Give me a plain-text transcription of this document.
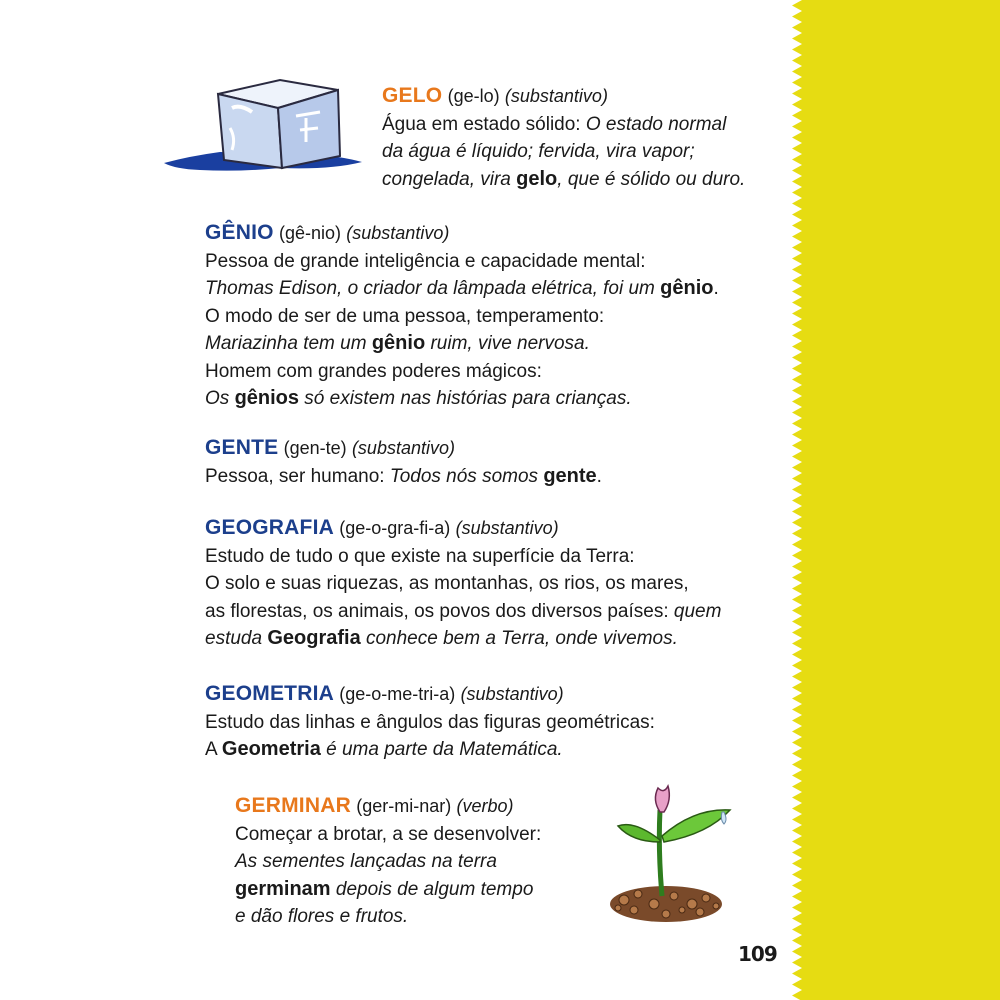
GELO (ge-lo) (substantivo)
Água em estado sólido: O estado normal
da água é líquido; fervida, vira vapor;
congelada, vira gelo, que é sólido ou duro.
GÊNIO (gê-nio) (substantivo)
Pessoa de grande inteligência e capacidade mental:
Thomas Edison, o criador da lâmpada elétrica, foi um gênio.
O modo de ser de uma pessoa, temperamento:
Mariazinha tem um gênio ruim, vive nervosa.
Homem com grandes poderes mágicos:
Os gênios só existem nas histórias para crianças.
GENTE (gen-te) (substantivo)
Pessoa, ser humano: Todos nós somos gente.
GEOGRAFIA (ge-o-gra-fi-a) (substantivo)
Estudo de tudo o que existe na superfície da Terra:
O solo e suas riquezas, as montanhas, os rios, os mares,
as florestas, os animais, os povos dos diversos países: quem
estuda Geografia conhece bem a Terra, onde vivemos.
GEOMETRIA (ge-o-me-tri-a) (substantivo)
Estudo das linhas e ângulos das figuras geométricas:
A Geometria é uma parte da Matemática.
GERMINAR (ger-mi-nar) (verbo)
Começar a brotar, a se desenvolver:
As sementes lançadas na terra
germinam depois de algum tempo
e dão flores e frutos.
109
